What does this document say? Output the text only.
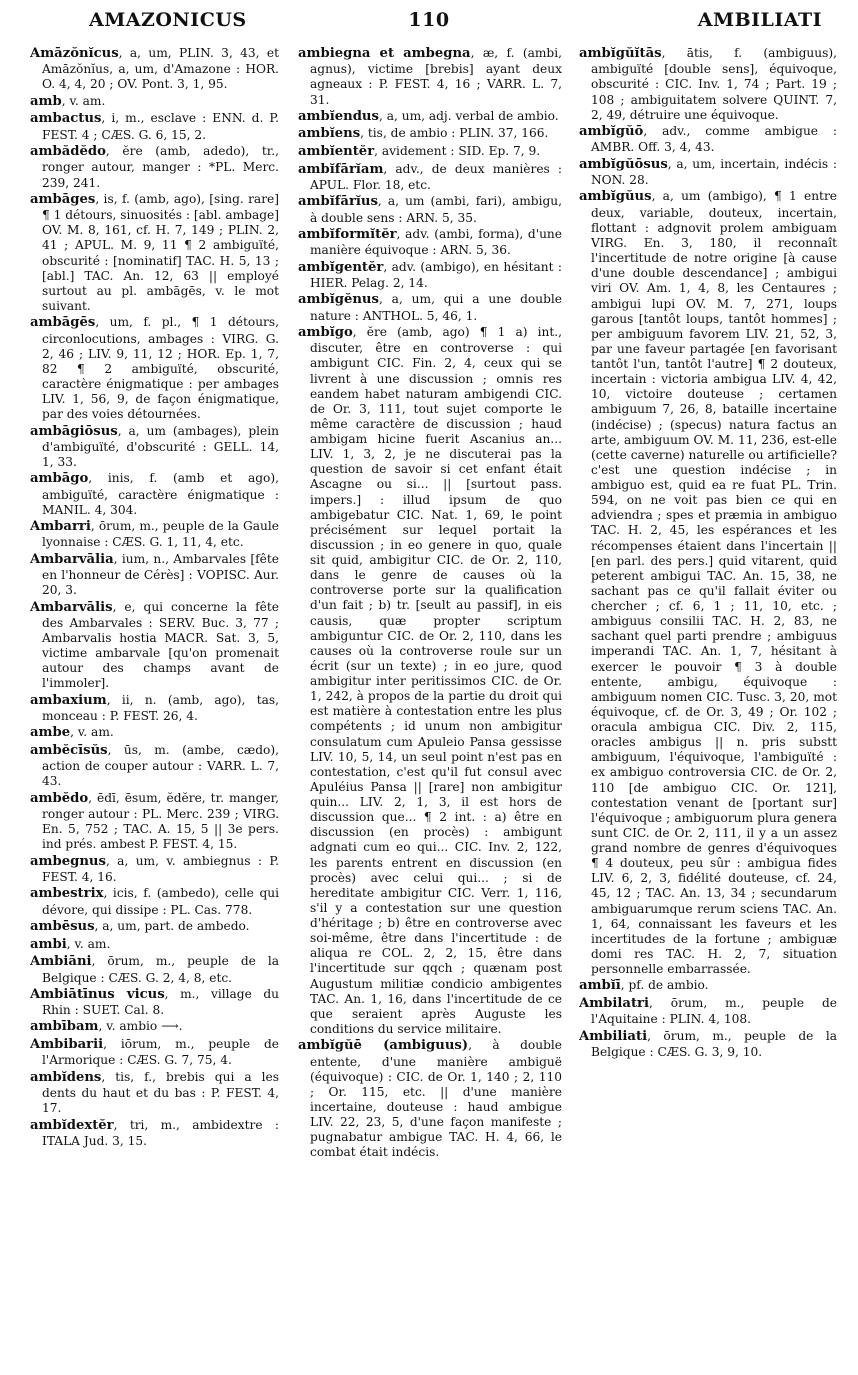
AMAZONICUS	110	AMBILIATI

Amāzŏnĭcus, a, um, PLIN. 3, 43, et Amāzŏnĭus, a, um, d'Amazone : HOR. O. 4, 4, 20 ; OV. Pont. 3, 1, 95.

amb, v. am.

ambactus, i, m., esclave : ENN. d. P. FEST. 4 ; CÆS. G. 6, 15, 2.

ambădĕdo, ĕre (amb, adedo), tr., ronger autour, manger : *PL. Merc. 239, 241.

ambāges, is, f. (amb, ago), [sing. rare] ¶ 1 détours, sinuosités : [abl. ambage] OV. M. 8, 161, cf. H. 7, 149 ; PLIN. 2, 41 ; APUL. M. 9, 11 ¶ 2 ambiguïté, obscurité : [nominatif] TAC. H. 5, 13 ; [abl.] TAC. An. 12, 63 || employé surtout au pl. ambāgēs, v. le mot suivant.

ambāgēs, um, f. pl., ¶ 1 détours, circonlocutions, ambages : VIRG. G. 2, 46 ; LIV. 9, 11, 12 ; HOR. Ep. 1, 7, 82 ¶ 2 ambiguïté, obscurité, caractère énigmatique : per ambages LIV. 1, 56, 9, de façon énigmatique, par des voies détournées.

ambāgiōsus, a, um (ambages), plein d'ambiguïté, d'obscurité : GELL. 14, 1, 33.

ambāgo, inis, f. (amb et ago), ambiguïté, caractère énigmatique : MANIL. 4, 304.

Ambarri, ōrum, m., peuple de la Gaule lyonnaise : CÆS. G. 1, 11, 4, etc.

Ambarvālia, ium, n., Ambarvales [fête en l'honneur de Cérès] : VOPISC. Aur. 20, 3.

Ambarvālis, e, qui concerne la fête des Ambarvales : SERV. Buc. 3, 77 ; Ambarvalis hostia MACR. Sat. 3, 5, victime ambarvale [qu'on promenait autour des champs avant de l'immoler].

ambaxium, ii, n. (amb, ago), tas, monceau : P. FEST. 26, 4.

ambe, v. am.

ambĕcīsŭs, ūs, m. (ambe, cædo), action de couper autour : VARR. L. 7, 43.

ambĕdo, ēdī, ēsum, ĕdĕre, tr. manger, ronger autour : PL. Merc. 239 ; VIRG. En. 5, 752 ; TAC. A. 15, 5 || 3e pers. ind prés. ambest P. FEST. 4, 15.

ambegnus, a, um, v. ambiegnus : P. FEST. 4, 16.

ambestrix, icis, f. (ambedo), celle qui dévore, qui dissipe : PL. Cas. 778.

ambēsus, a, um, part. de ambedo.

ambi, v. am.

Ambiāni, ōrum, m., peuple de la Belgique : CÆS. G. 2, 4, 8, etc.

Ambiātīnus vicus, m., village du Rhin : SUET. Cal. 8.

ambībam, v. ambio ⟶.

Ambibarii, iōrum, m., peuple de l'Armorique : CÆS. G. 7, 75, 4.

ambĭdens, tis, f., brebis qui a les dents du haut et du bas : P. FEST. 4, 17.

ambĭdextĕr, tri, m., ambidextre : ITALA Jud. 3, 15.

ambiegna et ambegna, æ, f. (ambi, agnus), victime [brebis] ayant deux agneaux : P. FEST. 4, 16 ; VARR. L. 7, 31.

ambĭendus, a, um, adj. verbal de ambio.

ambĭens, tis, de ambio : PLIN. 37, 166.

ambĭentĕr, avidement : SID. Ep. 7, 9.

ambĭfārĭam, adv., de deux manières : APUL. Flor. 18, etc.

ambĭfārĭus, a, um (ambi, fari), ambigu, à double sens : ARN. 5, 35.

ambĭformĭtĕr, adv. (ambi, forma), d'une manière équivoque : ARN. 5, 36.

ambĭgentĕr, adv. (ambigo), en hésitant : HIER. Pelag. 2, 14.

ambĭgĕnus, a, um, qui a une double nature : ANTHOL. 5, 46, 1.

ambĭgo, ĕre (amb, ago) ¶ 1 a) int., discuter, être en controverse : qui ambigunt CIC. Fin. 2, 4, ceux qui se livrent à une discussion ; omnis res eandem habet naturam ambigendi CIC. de Or. 3, 111, tout sujet comporte le même caractère de discussion ; haud ambigam hicine fuerit Ascanius an... LIV. 1, 3, 2, je ne discuterai pas la question de savoir si cet enfant était Ascagne ou si... || [surtout pass. impers.] : illud ipsum de quo ambigebatur CIC. Nat. 1, 69, le point précisément sur lequel portait la discussion ; in eo genere in quo, quale sit quid, ambigitur CIC. de Or. 2, 110, dans le genre de causes où la controverse porte sur la qualification d'un fait ; b) tr. [seult au passif], in eis causis, quæ propter scriptum ambiguntur CIC. de Or. 2, 110, dans les causes où la controverse roule sur un écrit (sur un texte) ; in eo jure, quod ambigitur inter peritissimos CIC. de Or. 1, 242, à propos de la partie du droit qui est matière à contestation entre les plus compétents ; id unum non ambigitur consulatum cum Apuleio Pansa gessisse LIV. 10, 5, 14, un seul point n'est pas en contestation, c'est qu'il fut consul avec Apuléius Pansa || [rare] non ambigitur quin... LIV. 2, 1, 3, il est hors de discussion que... ¶ 2 int. : a) être en discussion (en procès) : ambigunt adgnati cum eo qui... CIC. Inv. 2, 122, les parents entrent en discussion (en procès) avec celui qui... ; si de hereditate ambigitur CIC. Verr. 1, 116, s'il y a contestation sur une question d'héritage ; b) être en controverse avec soi-même, être dans l'incertitude : de aliqua re COL. 2, 2, 15, être dans l'incertitude sur qqch ; quænam post Augustum militiæ condicio ambigentes TAC. An. 1, 16, dans l'incertitude de ce que seraient après Auguste les conditions du service militaire.

ambĭgŭē (ambiguus), à double entente, d'une manière ambiguë (équivoque) : CIC. de Or. 1, 140 ; 2, 110 ; Or. 115, etc. || d'une manière incertaine, douteuse : haud ambigue LIV. 22, 23, 5, d'une façon manifeste ; pugnabatur ambigue TAC. H. 4, 66, le combat était indécis.

ambĭgŭĭtās, ātis, f. (ambiguus), ambiguïté [double sens], équivoque, obscurité : CIC. Inv. 1, 74 ; Part. 19 ; 108 ; ambiguitatem solvere QUINT. 7, 2, 49, détruire une équivoque.

ambĭgŭō, adv., comme ambigue : AMBR. Off. 3, 4, 43.

ambĭgŭōsus, a, um, incertain, indécis : NON. 28.

ambĭgŭus, a, um (ambigo), ¶ 1 entre deux, variable, douteux, incertain, flottant : adgnovit prolem ambiguam VIRG. En. 3, 180, il reconnaît l'incertitude de notre origine [à cause d'une double descendance] ; ambigui viri OV. Am. 1, 4, 8, les Centaures ; ambigui lupi OV. M. 7, 271, loups garous [tantôt loups, tantôt hommes] ; per ambiguum favorem LIV. 21, 52, 3, par une faveur partagée [en favorisant tantôt l'un, tantôt l'autre] ¶ 2 douteux, incertain : victoria ambigua LIV. 4, 42, 10, victoire douteuse ; certamen ambiguum 7, 26, 8, bataille incertaine (indécise) ; (specus) natura factus an arte, ambiguum OV. M. 11, 236, est-elle (cette caverne) naturelle ou artificielle? c'est une question indécise ; in ambiguo est, quid ea re fuat PL. Trin. 594, on ne voit pas bien ce qui en adviendra ; spes et præmia in ambiguo TAC. H. 2, 45, les espérances et les récompenses étaient dans l'incertain || [en parl. des pers.] quid vitarent, quid peterent ambigui TAC. An. 15, 38, ne sachant pas ce qu'il fallait éviter ou chercher ; cf. 6, 1 ; 11, 10, etc. ; ambiguus consilii TAC. H. 2, 83, ne sachant quel parti prendre ; ambiguus imperandi TAC. An. 1, 7, hésitant à exercer le pouvoir ¶ 3 à double entente, ambigu, équivoque : ambiguum nomen CIC. Tusc. 3, 20, mot équivoque, cf. de Or. 3, 49 ; Or. 102 ; oracula ambigua CIC. Div. 2, 115, oracles ambigus || n. pris substt ambiguum, l'équivoque, l'ambiguïté : ex ambiguo controversia CIC. de Or. 2, 110 [de ambiguo CIC. Or. 121], contestation venant de [portant sur] l'équivoque ; ambiguorum plura genera sunt CIC. de Or. 2, 111, il y a un assez grand nombre de genres d'équivoques ¶ 4 douteux, peu sûr : ambigua fides LIV. 6, 2, 3, fidélité douteuse, cf. 24, 45, 12 ; TAC. An. 13, 34 ; secundarum ambiguarumque rerum sciens TAC. An. 1, 64, connaissant les faveurs et les incertitudes de la fortune ; ambiguæ domi res TAC. H. 2, 7, situation personnelle embarrassée.

ambĭī, pf. de ambio.

Ambilatri, ōrum, m., peuple de l'Aquitaine : PLIN. 4, 108.

Ambiliati, ōrum, m., peuple de la Belgique : CÆS. G. 3, 9, 10.
